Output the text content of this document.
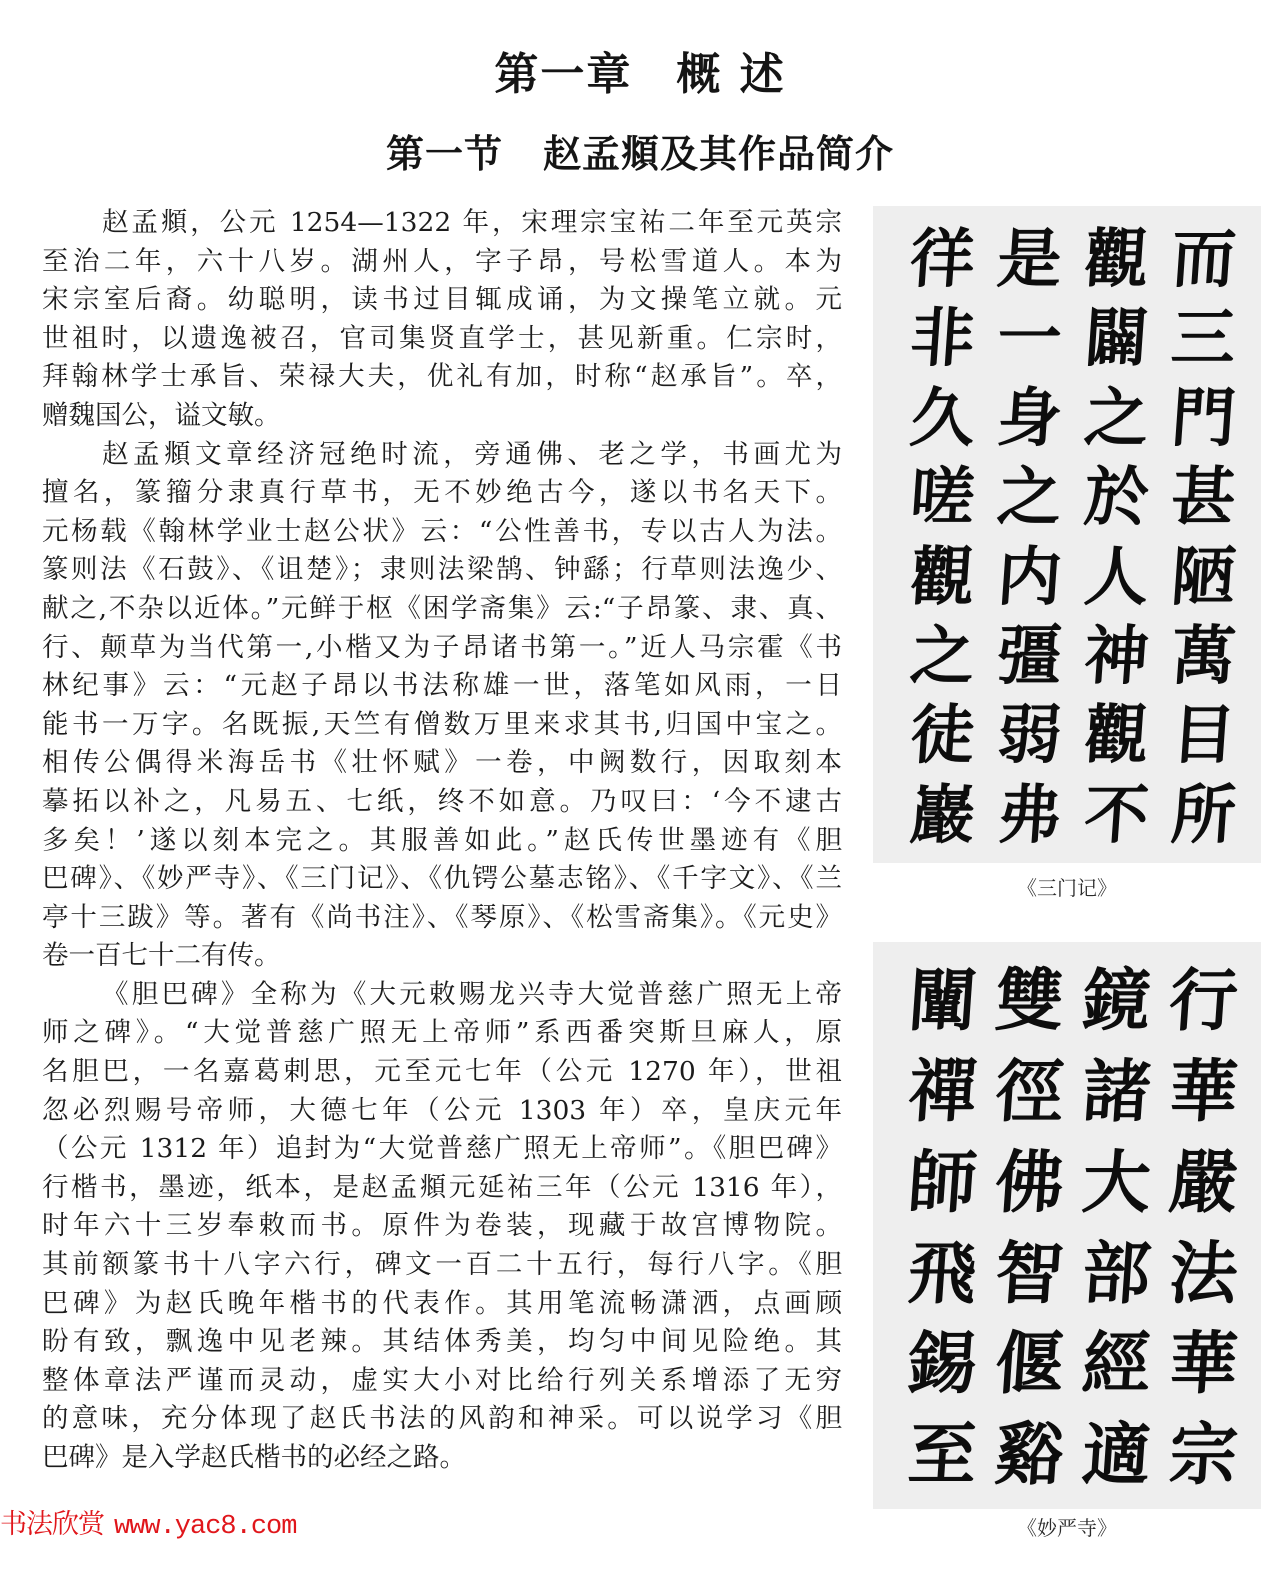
第一章 概 述
第一节 赵孟頫及其作品简介
赵孟頫，公元 1254—1322 年，宋理宗宝祐二年至元英宗
至治二年，六十八岁。湖州人，字子昂，号松雪道人。本为
宋宗室后裔。幼聪明，读书过目辄成诵，为文操笔立就。元
世祖时，以遗逸被召，官司集贤直学士，甚见新重。仁宗时，
拜翰林学士承旨、荣禄大夫，优礼有加，时称“赵承旨”。卒，
赠魏国公，谥文敏。
赵孟頫文章经济冠绝时流，旁通佛、老之学，书画尤为
擅名，篆籀分隶真行草书，无不妙绝古今，遂以书名天下。
元杨载《翰林学业士赵公状》云：“公性善书，专以古人为法。
篆则法《石鼓》、《诅楚》；隶则法梁鹄、钟繇；行草则法逸少、
献之,不杂以近体。”元鲜于枢《困学斋集》云:“子昂篆、隶、真、
行、颠草为当代第一,小楷又为子昂诸书第一。”近人马宗霍《书
林纪事》云：“元赵子昂以书法称雄一世，落笔如风雨，一日
能书一万字。名既振,天竺有僧数万里来求其书,归国中宝之。
相传公偶得米海岳书《壮怀赋》一卷，中阙数行，因取刻本
摹拓以补之，凡易五、七纸，终不如意。乃叹曰：‘今不逮古
多矣！’遂以刻本完之。其服善如此。”赵氏传世墨迹有《胆
巴碑》、《妙严寺》、《三门记》、《仇锷公墓志铭》、《千字文》、《兰
亭十三跋》等。著有《尚书注》、《琴原》、《松雪斋集》。《元史》
卷一百七十二有传。
《胆巴碑》全称为《大元敕赐龙兴寺大觉普慈广照无上帝
师之碑》。“大觉普慈广照无上帝师”系西番突斯旦麻人，原
名胆巴，一名嘉葛剌思，元至元七年（公元 1270 年），世祖
忽必烈赐号帝师，大德七年（公元 1303 年）卒，皇庆元年
（公元 1312 年）追封为“大觉普慈广照无上帝师”。《胆巴碑》
行楷书，墨迹，纸本，是赵孟頫元延祐三年（公元 1316 年），
时年六十三岁奉敕而书。原件为卷装，现藏于故宫博物院。
其前额篆书十八字六行，碑文一百二十五行，每行八字。《胆
巴碑》为赵氏晚年楷书的代表作。其用笔流畅潇洒，点画顾
盼有致，飘逸中见老辣。其结体秀美，均匀中间见险绝。其
整体章法严谨而灵动，虚实大小对比给行列关系增添了无穷
的意味，充分体现了赵氏书法的风韵和神采。可以说学习《胆
巴碑》是入学赵氏楷书的必经之路。
徉 是 觀 而
非 一 闢 三
久 身 之 門
嗟 之 於 甚
觀 内 人 陋
之 彊 神 萬
徒 弱 觀 目
巖 弗 不 所
《三门记》
闡 雙 鏡 行
禪 徑 諸 華
師 佛 大 嚴
飛 智 部 法
錫 偃 經 華
至 谿 適 宗
《妙严寺》
书法欣赏 www.yac8.com
